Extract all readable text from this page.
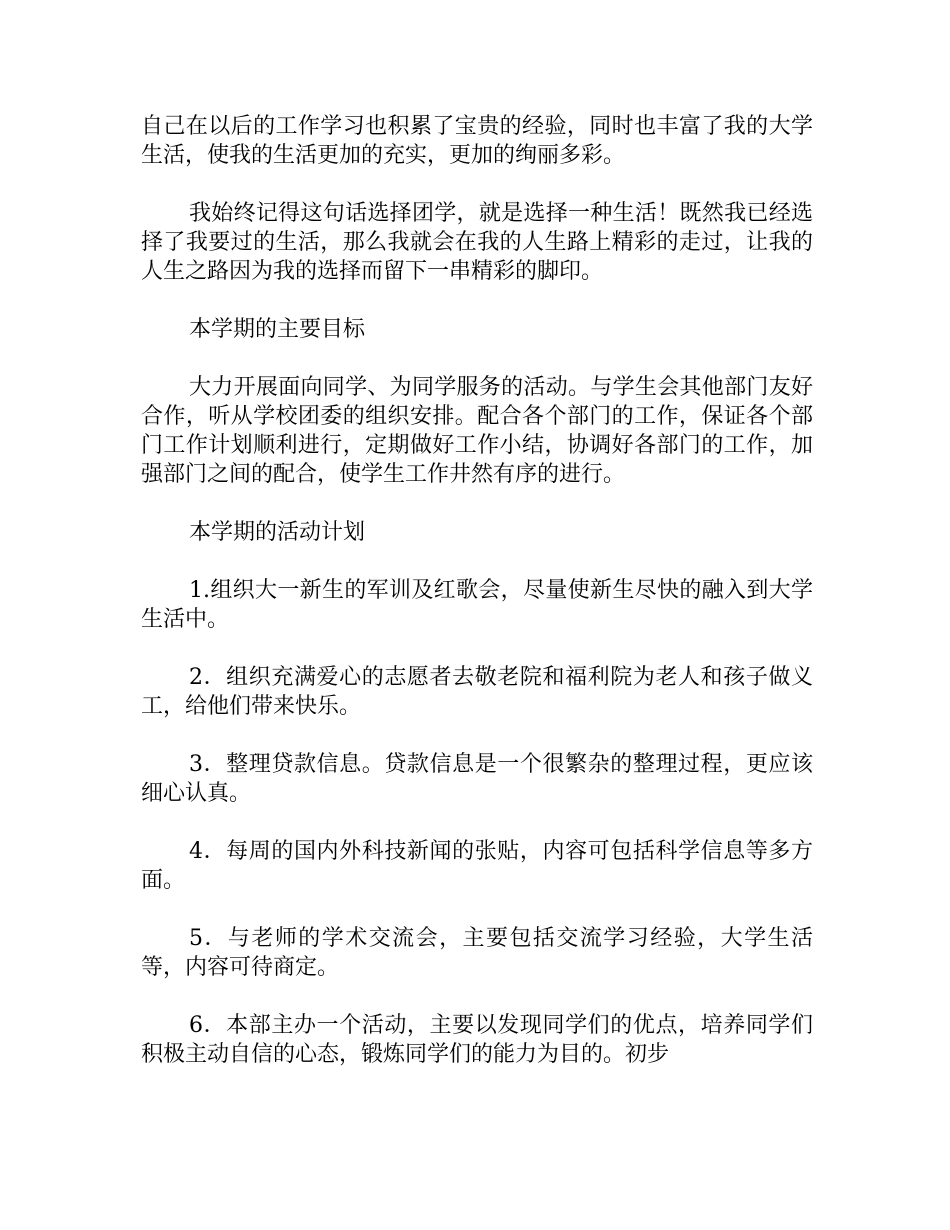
自己在以后的工作学习也积累了宝贵的经验，同时也丰富了我的大学生活，使我的生活更加的充实，更加的绚丽多彩。

我始终记得这句话选择团学，就是选择一种生活！既然我已经选择了我要过的生活，那么我就会在我的人生路上精彩的走过，让我的人生之路因为我的选择而留下一串精彩的脚印。

本学期的主要目标

大力开展面向同学、为同学服务的活动。与学生会其他部门友好合作，听从学校团委的组织安排。配合各个部门的工作，保证各个部门工作计划顺利进行，定期做好工作小结，协调好各部门的工作，加强部门之间的配合，使学生工作井然有序的进行。

本学期的活动计划

1.组织大一新生的军训及红歌会，尽量使新生尽快的融入到大学生活中。

2．组织充满爱心的志愿者去敬老院和福利院为老人和孩子做义工，给他们带来快乐。

3．整理贷款信息。贷款信息是一个很繁杂的整理过程，更应该细心认真。

4．每周的国内外科技新闻的张贴，内容可包括科学信息等多方面。

5．与老师的学术交流会，主要包括交流学习经验，大学生活等，内容可待商定。

6．本部主办一个活动，主要以发现同学们的优点，培养同学们积极主动自信的心态，锻炼同学们的能力为目的。初步
